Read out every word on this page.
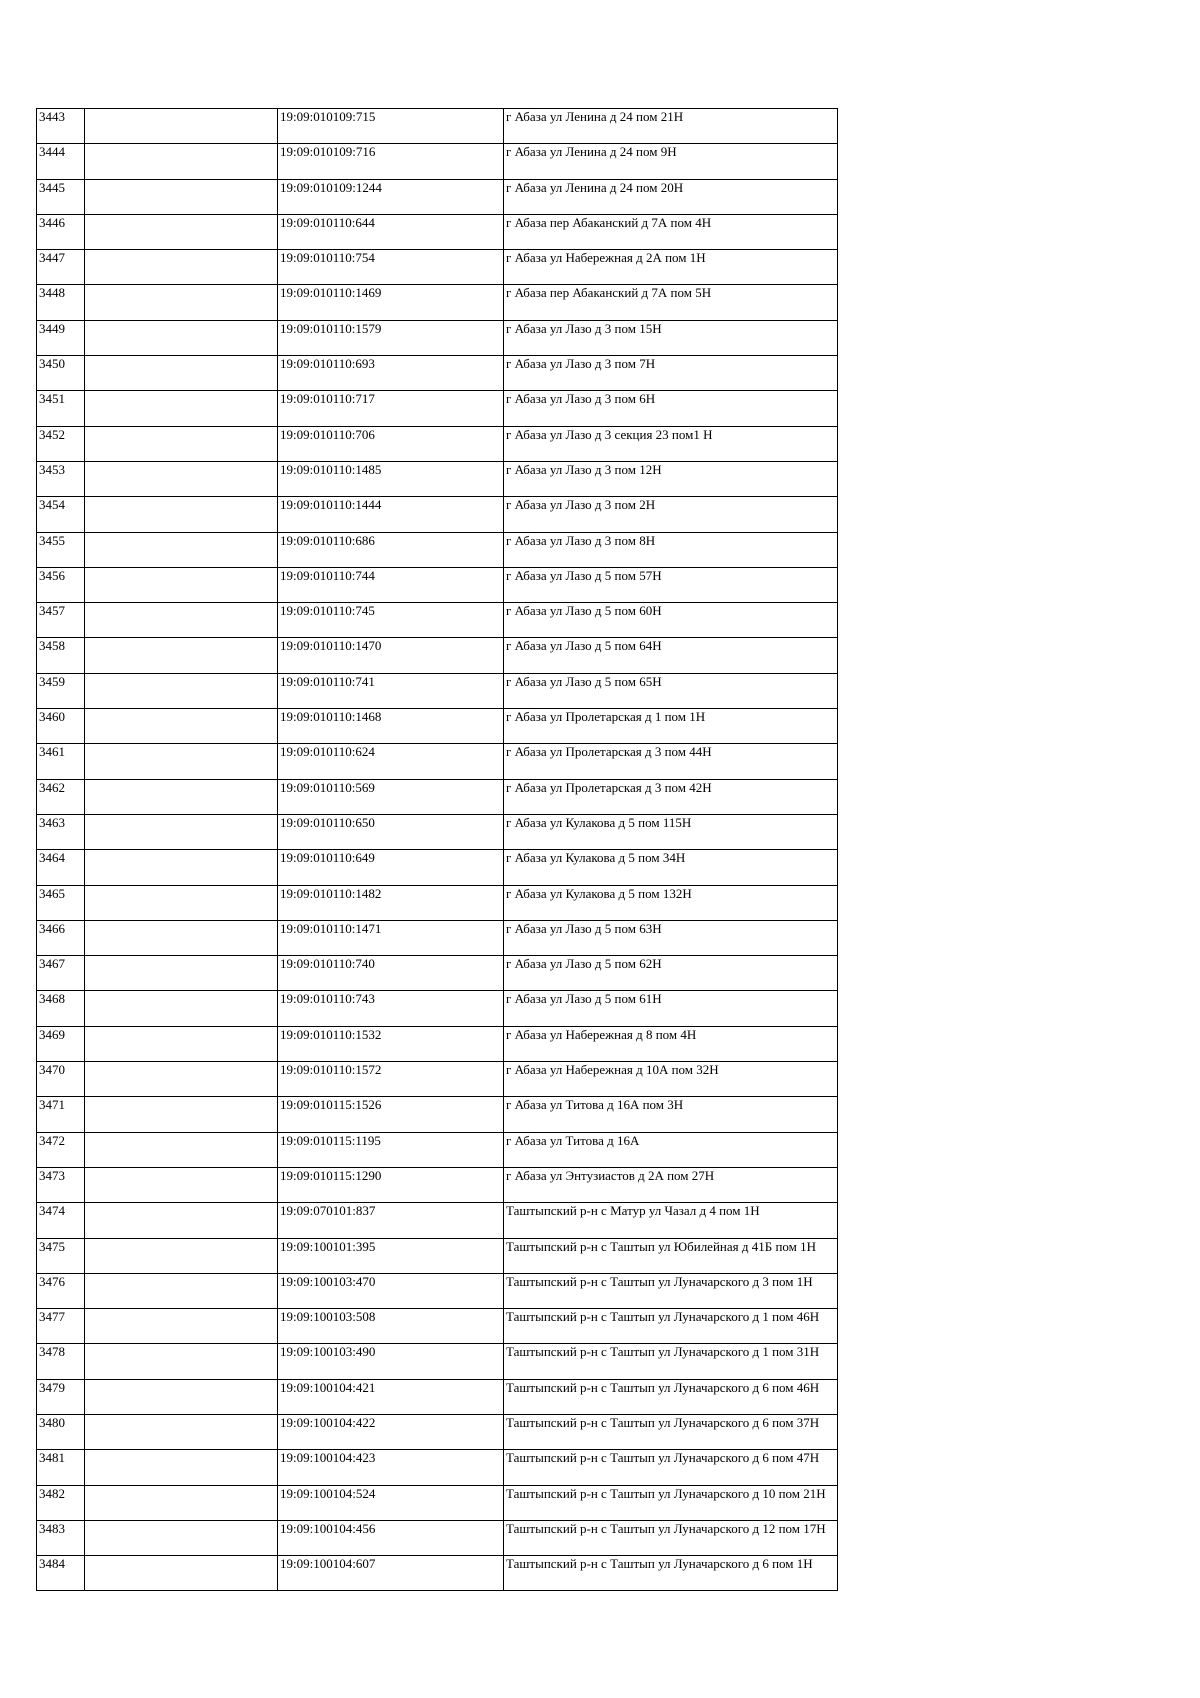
3443		19:09:010109:715	г Абаза ул Ленина д 24 пом 21Н
3444		19:09:010109:716	г Абаза ул Ленина д 24 пом 9Н
3445		19:09:010109:1244	г Абаза ул Ленина д 24 пом 20Н
3446		19:09:010110:644	г Абаза пер Абаканский д 7А пом 4Н
3447		19:09:010110:754	г Абаза ул Набережная д 2А пом 1Н
3448		19:09:010110:1469	г Абаза пер Абаканский д 7А пом 5Н
3449		19:09:010110:1579	г Абаза ул Лазо д 3 пом 15Н
3450		19:09:010110:693	г Абаза ул Лазо д 3 пом 7Н
3451		19:09:010110:717	г Абаза ул Лазо д 3 пом 6Н
3452		19:09:010110:706	г Абаза ул Лазо д 3 секция 23 пом1 Н
3453		19:09:010110:1485	г Абаза ул Лазо д 3 пом 12Н
3454		19:09:010110:1444	г Абаза ул Лазо д 3 пом 2Н
3455		19:09:010110:686	г Абаза ул Лазо д 3 пом 8Н
3456		19:09:010110:744	г Абаза ул Лазо д 5 пом 57Н
3457		19:09:010110:745	г Абаза ул Лазо д 5 пом 60Н
3458		19:09:010110:1470	г Абаза ул Лазо д 5 пом 64Н
3459		19:09:010110:741	г Абаза ул Лазо д 5 пом 65Н
3460		19:09:010110:1468	г Абаза ул Пролетарская д 1 пом 1Н
3461		19:09:010110:624	г Абаза ул Пролетарская д 3 пом 44Н
3462		19:09:010110:569	г Абаза ул Пролетарская д 3 пом 42Н
3463		19:09:010110:650	г Абаза ул Кулакова д 5 пом 115Н
3464		19:09:010110:649	г Абаза ул Кулакова д 5 пом 34Н
3465		19:09:010110:1482	г Абаза ул Кулакова д 5 пом 132Н
3466		19:09:010110:1471	г Абаза ул Лазо д 5 пом 63Н
3467		19:09:010110:740	г Абаза ул Лазо д 5 пом 62Н
3468		19:09:010110:743	г Абаза ул Лазо д 5 пом 61Н
3469		19:09:010110:1532	г Абаза ул Набережная д 8 пом 4Н
3470		19:09:010110:1572	г Абаза ул Набережная д 10А пом 32Н
3471		19:09:010115:1526	г Абаза ул Титова д 16А пом 3Н
3472		19:09:010115:1195	г Абаза ул Титова д 16А
3473		19:09:010115:1290	г Абаза ул Энтузиастов д 2А пом 27Н
3474		19:09:070101:837	Таштыпский р-н с Матур ул Чазал д 4 пом 1Н
3475		19:09:100101:395	Таштыпский р-н с Таштып ул Юбилейная д 41Б пом 1Н
3476		19:09:100103:470	Таштыпский р-н с Таштып ул Луначарского д 3 пом 1Н
3477		19:09:100103:508	Таштыпский р-н с Таштып ул Луначарского д 1 пом 46Н
3478		19:09:100103:490	Таштыпский р-н с Таштып ул Луначарского д 1 пом 31Н
3479		19:09:100104:421	Таштыпский р-н с Таштып ул Луначарского д 6 пом 46Н
3480		19:09:100104:422	Таштыпский р-н с Таштып ул Луначарского д 6 пом 37Н
3481		19:09:100104:423	Таштыпский р-н с Таштып ул Луначарского д 6 пом 47Н
3482		19:09:100104:524	Таштыпский р-н с Таштып ул Луначарского д 10 пом 21Н
3483		19:09:100104:456	Таштыпский р-н с Таштып ул Луначарского д 12 пом 17Н
3484		19:09:100104:607	Таштыпский р-н с Таштып ул Луначарского д 6 пом 1Н
